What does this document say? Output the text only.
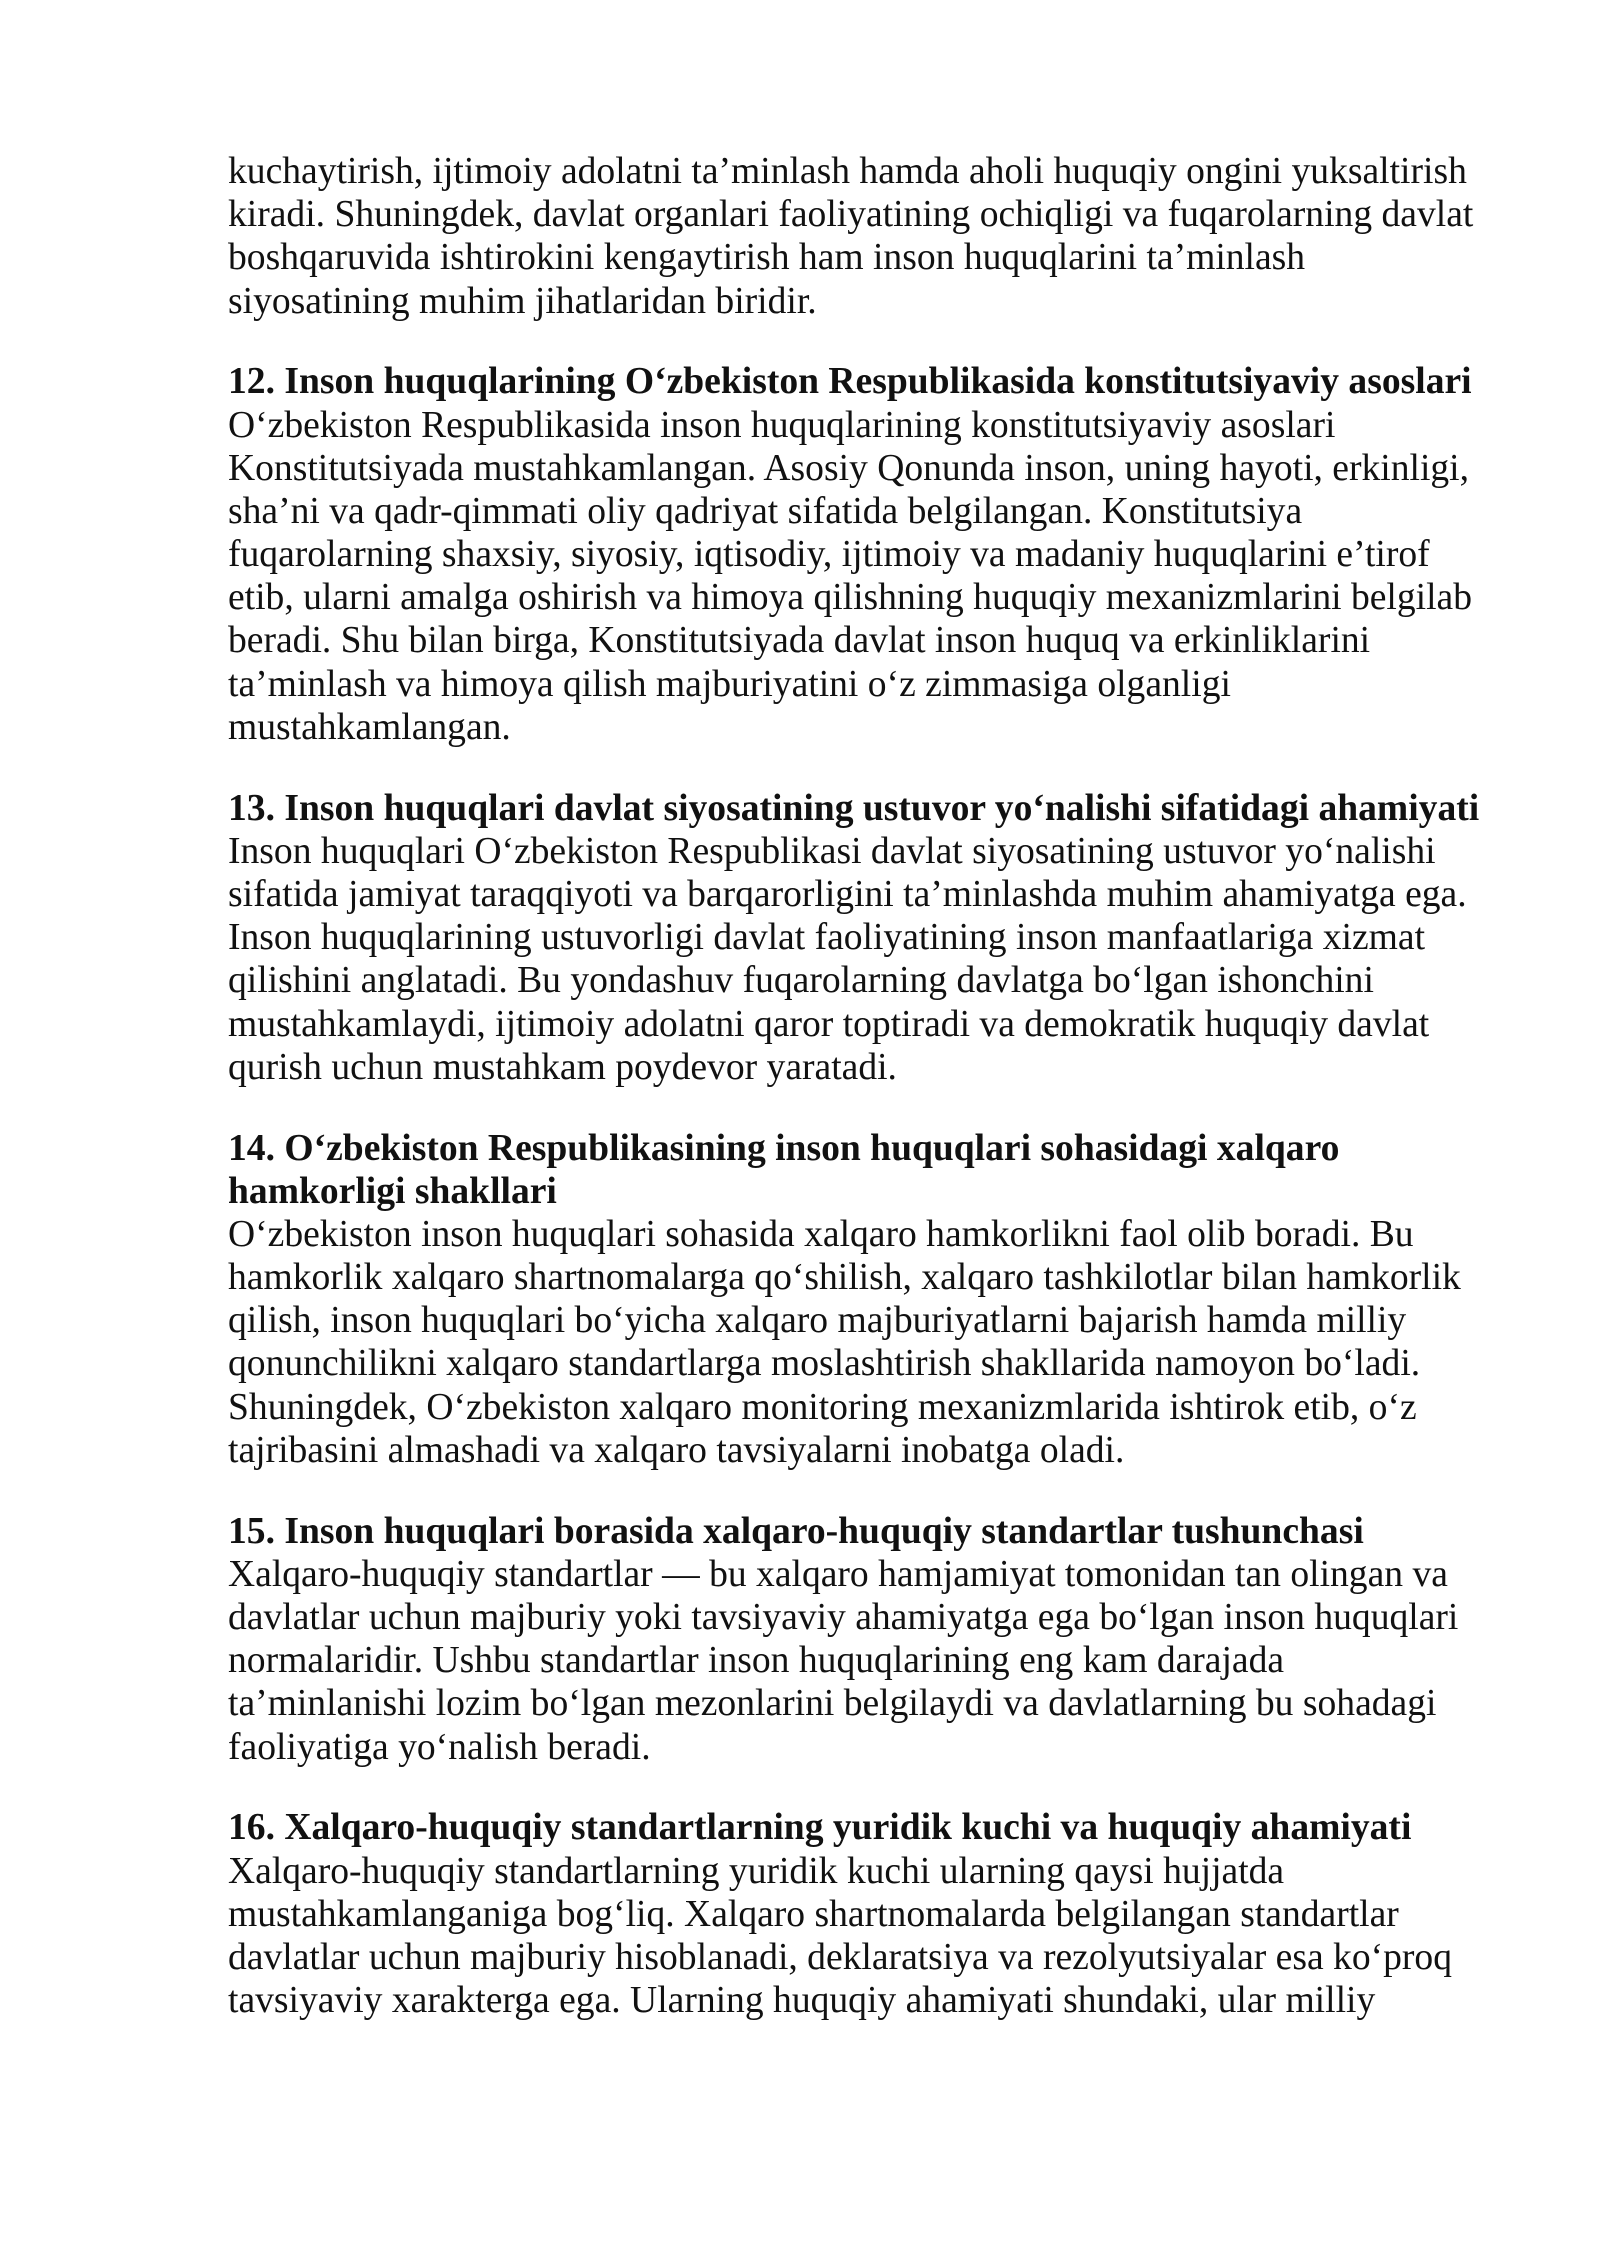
kuchaytirish, ijtimoiy adolatni ta’minlash hamda aholi huquqiy ongini yuksaltirish
kiradi. Shuningdek, davlat organlari faoliyatining ochiqligi va fuqarolarning davlat
boshqaruvida ishtirokini kengaytirish ham inson huquqlarini ta’minlash
siyosatining muhim jihatlaridan biridir.
12. Inson huquqlarining O‘zbekiston Respublikasida konstitutsiyaviy asoslari
O‘zbekiston Respublikasida inson huquqlarining konstitutsiyaviy asoslari
Konstitutsiyada mustahkamlangan. Asosiy Qonunda inson, uning hayoti, erkinligi,
sha’ni va qadr-qimmati oliy qadriyat sifatida belgilangan. Konstitutsiya
fuqarolarning shaxsiy, siyosiy, iqtisodiy, ijtimoiy va madaniy huquqlarini e’tirof
etib, ularni amalga oshirish va himoya qilishning huquqiy mexanizmlarini belgilab
beradi. Shu bilan birga, Konstitutsiyada davlat inson huquq va erkinliklarini
ta’minlash va himoya qilish majburiyatini o‘z zimmasiga olganligi
mustahkamlangan.
13. Inson huquqlari davlat siyosatining ustuvor yo‘nalishi sifatidagi ahamiyati
Inson huquqlari O‘zbekiston Respublikasi davlat siyosatining ustuvor yo‘nalishi
sifatida jamiyat taraqqiyoti va barqarorligini ta’minlashda muhim ahamiyatga ega.
Inson huquqlarining ustuvorligi davlat faoliyatining inson manfaatlariga xizmat
qilishini anglatadi. Bu yondashuv fuqarolarning davlatga bo‘lgan ishonchini
mustahkamlaydi, ijtimoiy adolatni qaror toptiradi va demokratik huquqiy davlat
qurish uchun mustahkam poydevor yaratadi.
14. O‘zbekiston Respublikasining inson huquqlari sohasidagi xalqaro
hamkorligi shakllari
O‘zbekiston inson huquqlari sohasida xalqaro hamkorlikni faol olib boradi. Bu
hamkorlik xalqaro shartnomalarga qo‘shilish, xalqaro tashkilotlar bilan hamkorlik
qilish, inson huquqlari bo‘yicha xalqaro majburiyatlarni bajarish hamda milliy
qonunchilikni xalqaro standartlarga moslashtirish shakllarida namoyon bo‘ladi.
Shuningdek, O‘zbekiston xalqaro monitoring mexanizmlarida ishtirok etib, o‘z
tajribasini almashadi va xalqaro tavsiyalarni inobatga oladi.
15. Inson huquqlari borasida xalqaro-huquqiy standartlar tushunchasi
Xalqaro-huquqiy standartlar — bu xalqaro hamjamiyat tomonidan tan olingan va
davlatlar uchun majburiy yoki tavsiyaviy ahamiyatga ega bo‘lgan inson huquqlari
normalaridir. Ushbu standartlar inson huquqlarining eng kam darajada
ta’minlanishi lozim bo‘lgan mezonlarini belgilaydi va davlatlarning bu sohadagi
faoliyatiga yo‘nalish beradi.
16. Xalqaro-huquqiy standartlarning yuridik kuchi va huquqiy ahamiyati
Xalqaro-huquqiy standartlarning yuridik kuchi ularning qaysi hujjatda
mustahkamlanganiga bog‘liq. Xalqaro shartnomalarda belgilangan standartlar
davlatlar uchun majburiy hisoblanadi, deklaratsiya va rezolyutsiyalar esa ko‘proq
tavsiyaviy xarakterga ega. Ularning huquqiy ahamiyati shundaki, ular milliy
